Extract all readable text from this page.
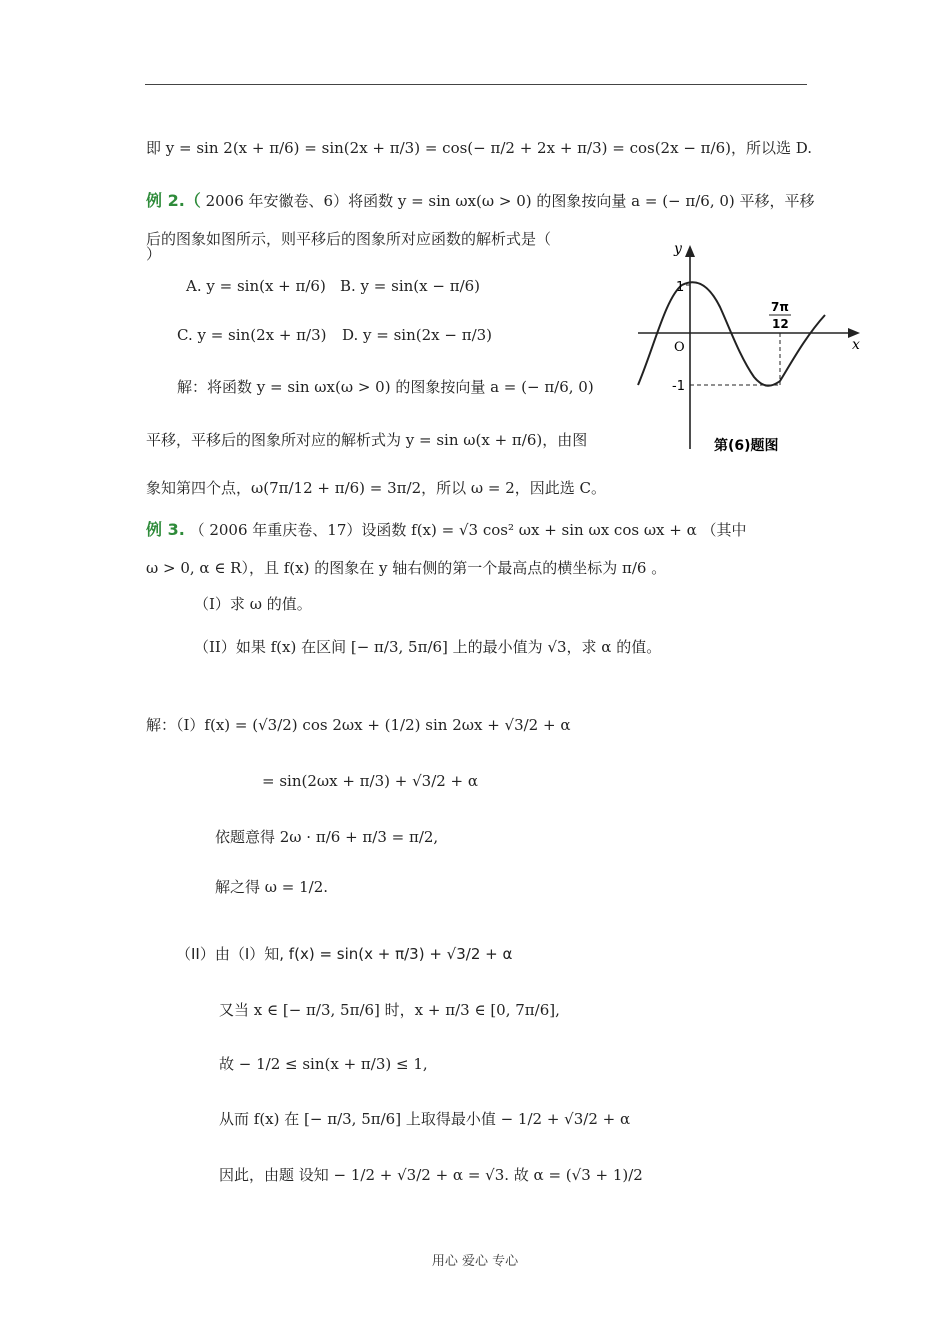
即 y = sin 2(x + π/6) = sin(2x + π/3) = cos(− π/2 + 2x + π/3) = cos(2x − π/6)，所以选 D.
例 2.（ 2006 年安徽卷、6）将函数 y = sin ωx(ω > 0) 的图象按向量 a = (− π/6, 0) 平移，平移
后的图象如图所示，则平移后的图象所对应函数的解析式是（
）
A. y = sin(x + π/6) B. y = sin(x − π/6)
C. y = sin(2x + π/3) D. y = sin(2x − π/3)
解：将函数 y = sin ωx(ω > 0) 的图象按向量 a = (− π/6, 0)
平移，平移后的图象所对应的解析式为 y = sin ω(x + π/6)，由图
象知第四个点，ω(7π/12 + π/6) = 3π/2，所以 ω = 2，因此选 C。
例 3. （ 2006 年重庆卷、17）设函数 f(x) = √3 cos² ωx + sin ωx cos ωx + α （其中
ω > 0, α ∈ R），且 f(x) 的图象在 y 轴右侧的第一个最高点的横坐标为 π/6 。
（I）求 ω 的值。
（II）如果 f(x) 在区间 [− π/3, 5π/6] 上的最小值为 √3，求 α 的值。
解：（I）f(x) = (√3/2) cos 2ωx + (1/2) sin 2ωx + √3/2 + α
= sin(2ωx + π/3) + √3/2 + α
依题意得 2ω · π/6 + π/3 = π/2,
解之得 ω = 1/2.
（II）由（I）知, f(x) = sin(x + π/3) + √3/2 + α
又当 x ∈ [− π/3, 5π/6] 时，x + π/3 ∈ [0, 7π/6],
故 − 1/2 ≤ sin(x + π/3) ≤ 1,
从而 f(x) 在 [− π/3, 5π/6] 上取得最小值 − 1/2 + √3/2 + α
因此，由题 设知 − 1/2 + √3/2 + α = √3. 故 α = (√3 + 1)/2
y
x
O
1
-1
7π
12
第(6)题图
用心 爱心 专心
